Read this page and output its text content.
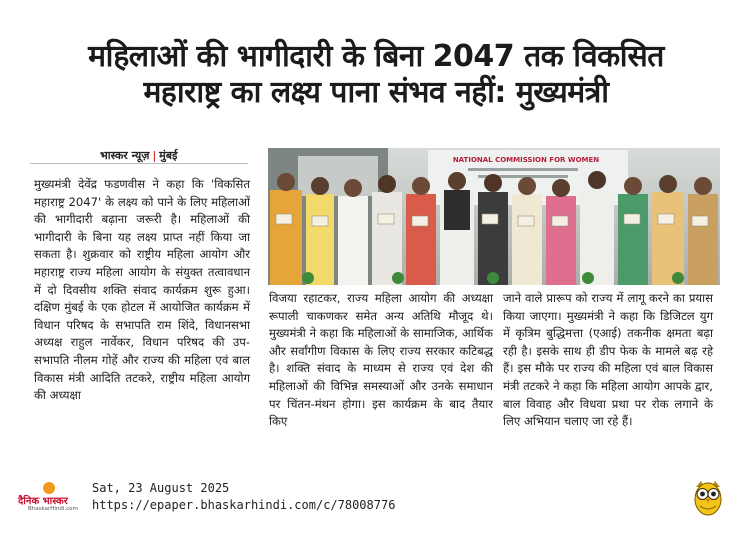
महिलाओं की भागीदारी के बिना 2047 तक विकसित
महाराष्ट्र का लक्ष्य पाना संभव नहीं: मुख्यमंत्री
भास्कर न्यूज़ | मुंबई

मुख्यमंत्री देवेंद्र फडणवीस ने कहा कि 'विकसित महाराष्ट्र 2047' के लक्ष्य को पाने के लिए महिलाओं की भागीदारी बढ़ाना जरूरी है। महिलाओं की भागीदारी के बिना यह लक्ष्य प्राप्त नहीं किया जा सकता है। शुक्रवार को राष्ट्रीय महिला आयोग और महाराष्ट्र राज्य महिला आयोग के संयुक्त तत्वावधान में दो दिवसीय शक्ति संवाद कार्यक्रम शुरू हुआ। दक्षिण मुंबई के एक होटल में आयोजित कार्यक्रम में विधान परिषद के सभापति राम शिंदे, विधानसभा अध्यक्ष राहुल नार्वेकर, विधान परिषद की उप-सभापति नीलम गोहें और राज्य की महिला एवं बाल विकास मंत्री आदिति तटकरे, राष्ट्रीय महिला आयोग की अध्यक्षा

NATIONAL COMMISSION FOR WOMEN

विजया रहाटकर, राज्य महिला आयोग की अध्यक्षा रूपाली चाकणकर समेत अन्य अतिथि मौजूद थे। मुख्यमंत्री ने कहा कि महिलाओं के सामाजिक, आर्थिक और सर्वांगीण विकास के लिए राज्य सरकार कटिबद्ध है। शक्ति संवाद के माध्यम से राज्य एवं देश की महिलाओं की विभिन्न समस्याओं और उनके समाधान पर चिंतन-मंथन होगा। इस कार्यक्रम के बाद तैयार किए

जाने वाले प्रारूप को राज्य में लागू करने का प्रयास किया जाएगा। मुख्यमंत्री ने कहा कि डिजिटल युग में कृत्रिम बुद्धिमत्ता (एआई) तकनीक क्षमता बढ़ा रही है। इसके साथ ही डीप फेक के मामले बढ़ रहे हैं। इस मौके पर राज्य की महिला एवं बाल विकास मंत्री तटकरे ने कहा कि महिला आयोग आपके द्वार, बाल विवाह और विधवा प्रथा पर रोक लगाने के लिए अभियान चलाए जा रहे हैं।

दैनिक भास्कर
BhaskarHindi.com
Sat, 23 August 2025
https://epaper.bhaskarhindi.com/c/78008776
